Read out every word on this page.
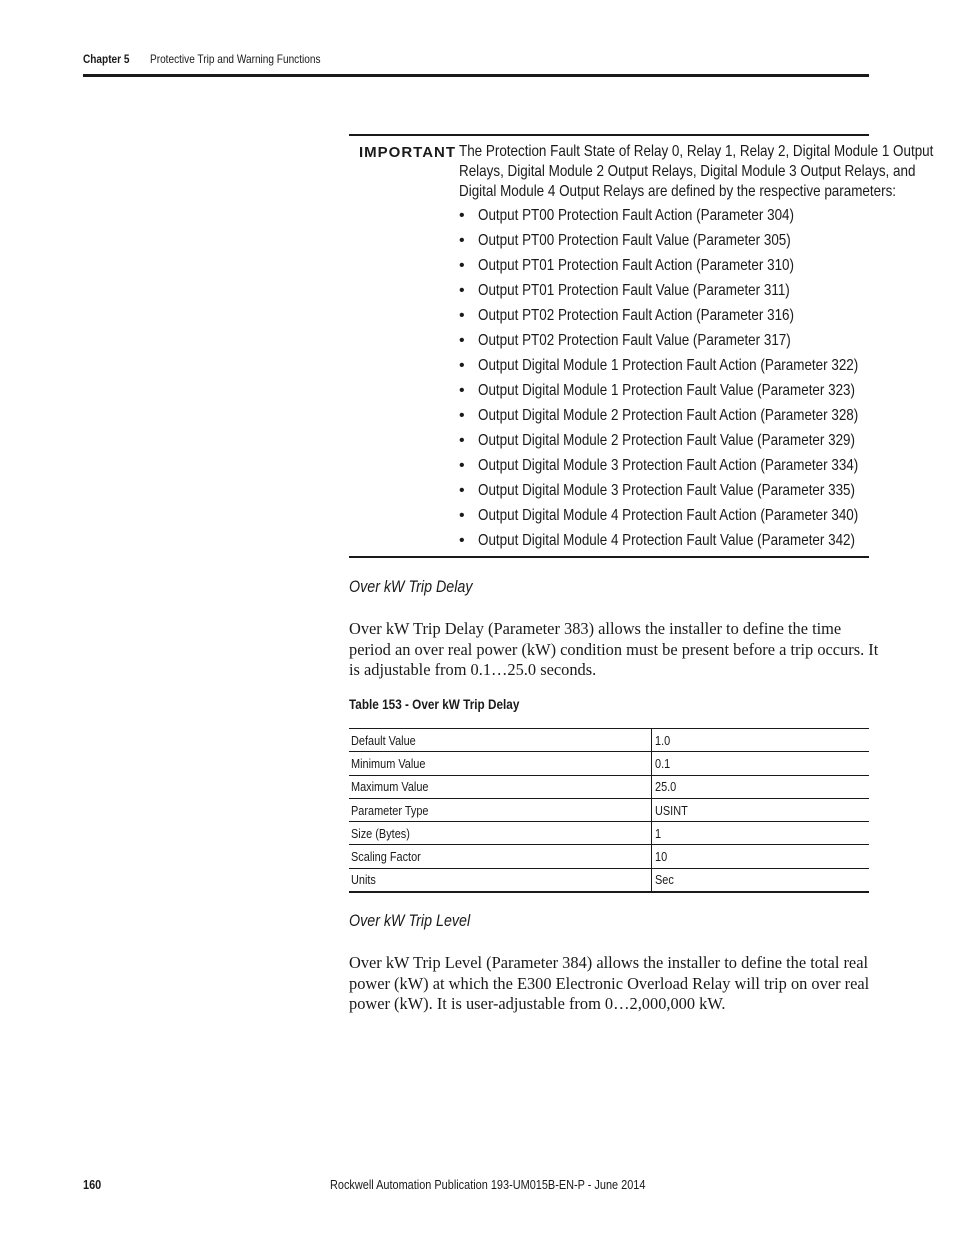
Chapter 5 Protective Trip and Warning Functions
IMPORTANT The Protection Fault State of Relay 0, Relay 1, Relay 2, Digital Module 1 Output
Relays, Digital Module 2 Output Relays, Digital Module 3 Output Relays, and
Digital Module 4 Output Relays are defined by the respective parameters:
• Output PT00 Protection Fault Action (Parameter 304)
• Output PT00 Protection Fault Value (Parameter 305)
• Output PT01 Protection Fault Action (Parameter 310)
• Output PT01 Protection Fault Value (Parameter 311)
• Output PT02 Protection Fault Action (Parameter 316)
• Output PT02 Protection Fault Value (Parameter 317)
• Output Digital Module 1 Protection Fault Action (Parameter 322)
• Output Digital Module 1 Protection Fault Value (Parameter 323)
• Output Digital Module 2 Protection Fault Action (Parameter 328)
• Output Digital Module 2 Protection Fault Value (Parameter 329)
• Output Digital Module 3 Protection Fault Action (Parameter 334)
• Output Digital Module 3 Protection Fault Value (Parameter 335)
• Output Digital Module 4 Protection Fault Action (Parameter 340)
• Output Digital Module 4 Protection Fault Value (Parameter 342)
Over kW Trip Delay
Over kW Trip Delay (Parameter 383) allows the installer to define the time
period an over real power (kW) condition must be present before a trip occurs. It
is adjustable from 0.1…25.0 seconds.
Table 153 - Over kW Trip Delay
Default Value	1.0
Minimum Value	0.1
Maximum Value	25.0
Parameter Type	USINT
Size (Bytes)	1
Scaling Factor	10
Units	Sec
Over kW Trip Level
Over kW Trip Level (Parameter 384) allows the installer to define the total real
power (kW) at which the E300 Electronic Overload Relay will trip on over real
power (kW). It is user-adjustable from 0…2,000,000 kW.
160	Rockwell Automation Publication 193-UM015B-EN-P - June 2014
